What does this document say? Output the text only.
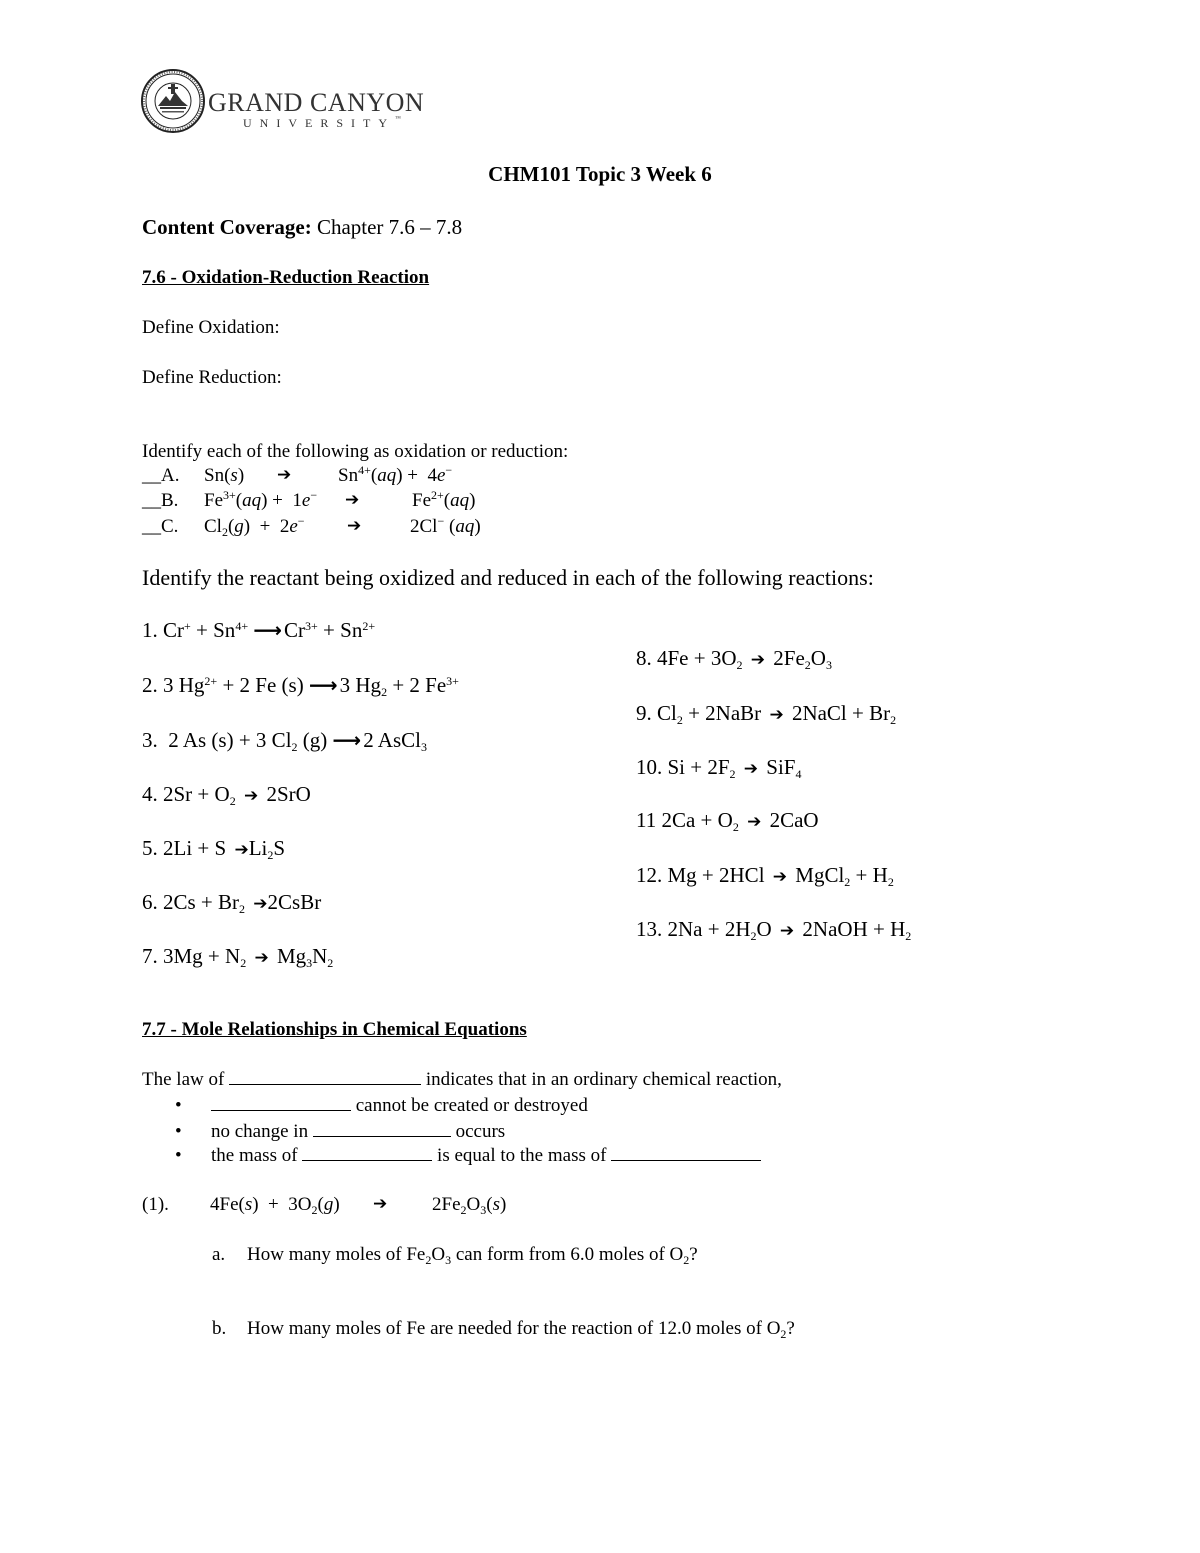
GRAND CANYON
UNIVERSITY™
CHM101 Topic 3 Week 6
Content Coverage: Chapter 7.6 – 7.8
7.6 - Oxidation-Reduction Reaction
Define Oxidation:
Define Reduction:
Identify each of the following as oxidation or reduction:
__A. Sn(s) ➔ $Sn^{4+}(aq) + 4e^-$
__B. $Fe^{3+}(aq) + 1e^-$ ➔	$Fe^{2+}(aq)$
__C. $Cl_2(g) + 2e^-$ ➔	2Cl− (aq)
Identify the reactant being oxidized and reduced in each of the following reactions:
1. $Cr^+ + Sn^{4+}$ $⟶Cr^{3+} + Sn^{2+}$
2. 3 $Hg^{2+} + 2$ Fe (s) ⟶3 $Hg_2 + 2$ $Fe^{3+}$
3.  2 As (s) + 3 $Cl_2$ (g) ⟶2 AsCl$_3$
4. $2Sr + O_2$ ➔ 2SrO
5. 2Li + S $➔Li_2S$
6. $2Cs + Br_2$ ➔2CsBr
7. $3Mg + N_2$ ➔ $Mg_3N_2$
8. $4Fe + 3O_2$ ➔ $2Fe_2O_3$
9. $Cl_2$ + 2NaBr ➔ 2NaCl + $Br_2$
10. $Si + 2F_2$ ➔ SiF$_4$
11 $2Ca + O_2$ ➔ 2CaO
12. Mg + 2HCl ➔ MgCl$_2$ + $H_2$
13. $2Na + 2H_2O$ ➔ 2NaOH + $H_2$
7.7 - Mole Relationships in Chemical Equations
The law of	indicates that in an ordinary chemical reaction,
•	cannot be created or destroyed
• no change in	occurs
• the mass of	is equal to the mass of
(1). $4Fe(s) + 3O_2(g)$ ➔ $2Fe_2O_3(s)$
a. How many moles of $Fe_2O_3$ can form from 6.0 moles of $O_2$?
b. How many moles of Fe are needed for the reaction of 12.0 moles of $O_2$?
